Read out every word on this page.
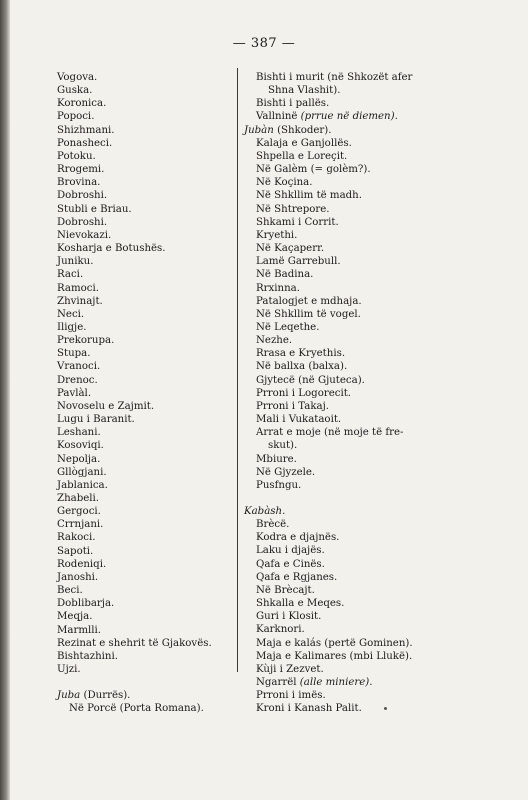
— 387 —
Vogova.
Guska.
Koronica.
Popoci.
Shizhmani.
Ponasheci.
Potoku.
Rrogemi.
Brovina.
Dobroshi.
Stubli e Briau.
Dobroshi.
Nievokazi.
Kosharja e Botushës.
Juniku.
Raci.
Ramoci.
Zhvinajt.
Neci.
Iligje.
Prekorupa.
Stupa.
Vranoci.
Drenoc.
Pavlàl.
Novoselu e Zajmit.
Lugu i Baranit.
Leshani.
Kosoviqi.
Nepolja.
Gllògjani.
Jablanica.
Zhabeli.
Gergoci.
Crrnjani.
Rakoci.
Sapoti.
Rodeniqi.
Janoshi.
Beci.
Doblibarja.
Meqja.
Marmlli.
Rezinat e shehrit të Gjakovës.
Bishtazhini.
Ujzi.
Juba (Durrës).
Në Porcë (Porta Romana).
Bishti i murit (në Shkozët afer
Shna Vlashit).
Bishti i pallës.
Vallninë (prrue në diemen).
Jubàn (Shkoder).
Kalaja e Ganjollës.
Shpella e Loreçit.
Në Galèm (= golèm?).
Në Koçina.
Në Shkllim të madh.
Në Shtrepore.
Shkami i Corrit.
Kryethi.
Në Kaçaperr.
Lamë Garrebull.
Në Badina.
Rrxinna.
Patalogjet e mdhaja.
Në Shkllim të vogel.
Në Leqethe.
Nezhe.
Rrasa e Kryethis.
Në ballxa (balxa).
Gjytecë (në Gjuteca).
Prroni i Logorecit.
Prroni i Takaj.
Mali i Vukataoit.
Arrat e moje (në moje të fre-
skut).
Mbiure.
Në Gjyzele.
Pusfngu.
Kabàsh.
Brècë.
Kodra e djajnës.
Laku i djajës.
Qafa e Cinës.
Qafa e Rgjanes.
Në Brècajt.
Shkalla e Meqes.
Guri i Klosit.
Karknori.
Maja e kalás (pertë Gominen).
Maja e Kalimares (mbi Llukë).
Kùji i Zezvet.
Ngarrël (alle miniere).
Prroni i imës.
Kroni i Kanash Palit.
